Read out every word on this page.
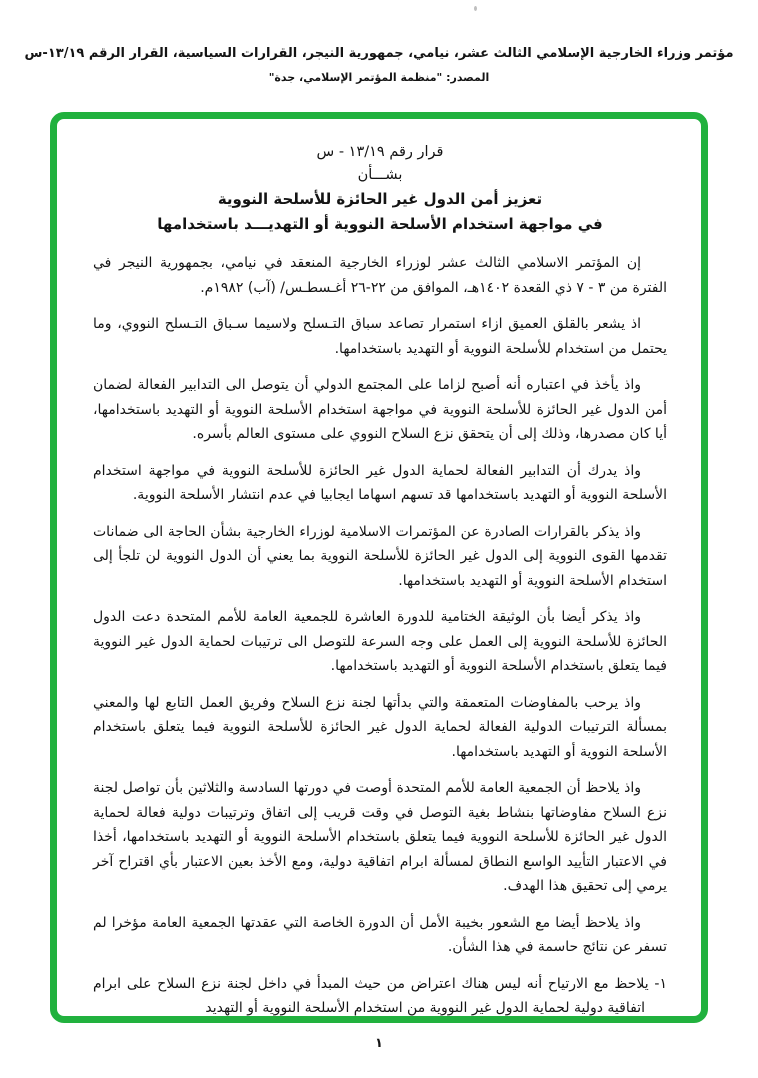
مؤتمر وزراء الخارجية الإسلامي الثالث عشر، نيامي، جمهورية النيجر، القرارات السياسية، القرار الرقم ١٣/١٩-س
المصدر: "منظمة المؤتمر الإسلامي، جدة"
قرار رقم ١٣/١٩ - س
بشـــأن
تعزيز أمن الدول غير الحائزة للأسلحة النووية
في مواجهة استخدام الأسلحة النووية أو التهديـــد باستخدامها

إن المؤتمر الاسلامي الثالث عشر لوزراء الخارجية المنعقد في نيامي، بجمهورية النيجر في الفترة من ٣ - ٧ ذي القعدة ١٤٠٢هـ، الموافق من ٢٢-٢٦ أغـسطـس/ (آب) ١٩٨٢م.

اذ يشعر بالقلق العميق ازاء استمرار تصاعد سباق التـسلح ولاسيما سـباق التـسلح النووي، وما يحتمل من استخدام للأسلحة النووية أو التهديد باستخدامها.

واذ يأخذ في اعتباره أنه أصبح لزاما على المجتمع الدولي أن يتوصل الى التدابير الفعالة لضمان أمن الدول غير الحائزة للأسلحة النووية في مواجهة استخدام الأسلحة النووية أو التهديد باستخدامها، أيا كان مصدرها، وذلك إلى أن يتحقق نزع السلاح النووي على مستوى العالم بأسره.

واذ يدرك أن التدابير الفعالة لحماية الدول غير الحائزة للأسلحة النووية في مواجهة استخدام الأسلحة النووية أو التهديد باستخدامها قد تسهم اسهاما ايجابيا في عدم انتشار الأسلحة النووية.

واذ يذكر بالقرارات الصادرة عن المؤتمرات الاسلامية لوزراء الخارجية بشأن الحاجة الى ضمانات تقدمها القوى النووية إلى الدول غير الحائزة للأسلحة النووية بما يعني أن الدول النووية لن تلجأ إلى استخدام الأسلحة النووية أو التهديد باستخدامها.

واذ يذكر أيضا بأن الوثيقة الختامية للدورة العاشرة للجمعية العامة للأمم المتحدة دعت الدول الحائزة للأسلحة النووية إلى العمل على وجه السرعة للتوصل الى ترتيبات لحماية الدول غير النووية فيما يتعلق باستخدام الأسلحة النووية أو التهديد باستخدامها.

واذ يرحب بالمفاوضات المتعمقة والتي بدأتها لجنة نزع السلاح وفريق العمل التابع لها والمعني بمسألة الترتيبات الدولية الفعالة لحماية الدول غير الحائزة للأسلحة النووية فيما يتعلق باستخدام الأسلحة النووية أو التهديد باستخدامها.

واذ يلاحظ أن الجمعية العامة للأمم المتحدة أوصت في دورتها السادسة والثلاثين بأن تواصل لجنة نزع السلاح مفاوضاتها بنشاط بغية التوصل في وقت قريب إلى اتفاق وترتيبات دولية فعالة لحماية الدول غير الحائزة للأسلحة النووية فيما يتعلق باستخدام الأسلحة النووية أو التهديد باستخدامها، أخذا في الاعتبار التأييد الواسع النطاق لمسألة ابرام اتفاقية دولية، ومع الأخذ بعين الاعتبار بأي اقتراح آخر يرمي إلى تحقيق هذا الهدف.

واذ يلاحظ أيضا مع الشعور بخيبة الأمل أن الدورة الخاصة التي عقدتها الجمعية العامة مؤخرا لم تسفر عن نتائج حاسمة في هذا الشأن.

١- يلاحظ مع الارتياح أنه ليس هناك اعتراض من حيث المبدأ في داخل لجنة نزع السلاح على ابرام اتفاقية دولية لحماية الدول غير النووية من استخدام الأسلحة النووية أو التهديد

١
